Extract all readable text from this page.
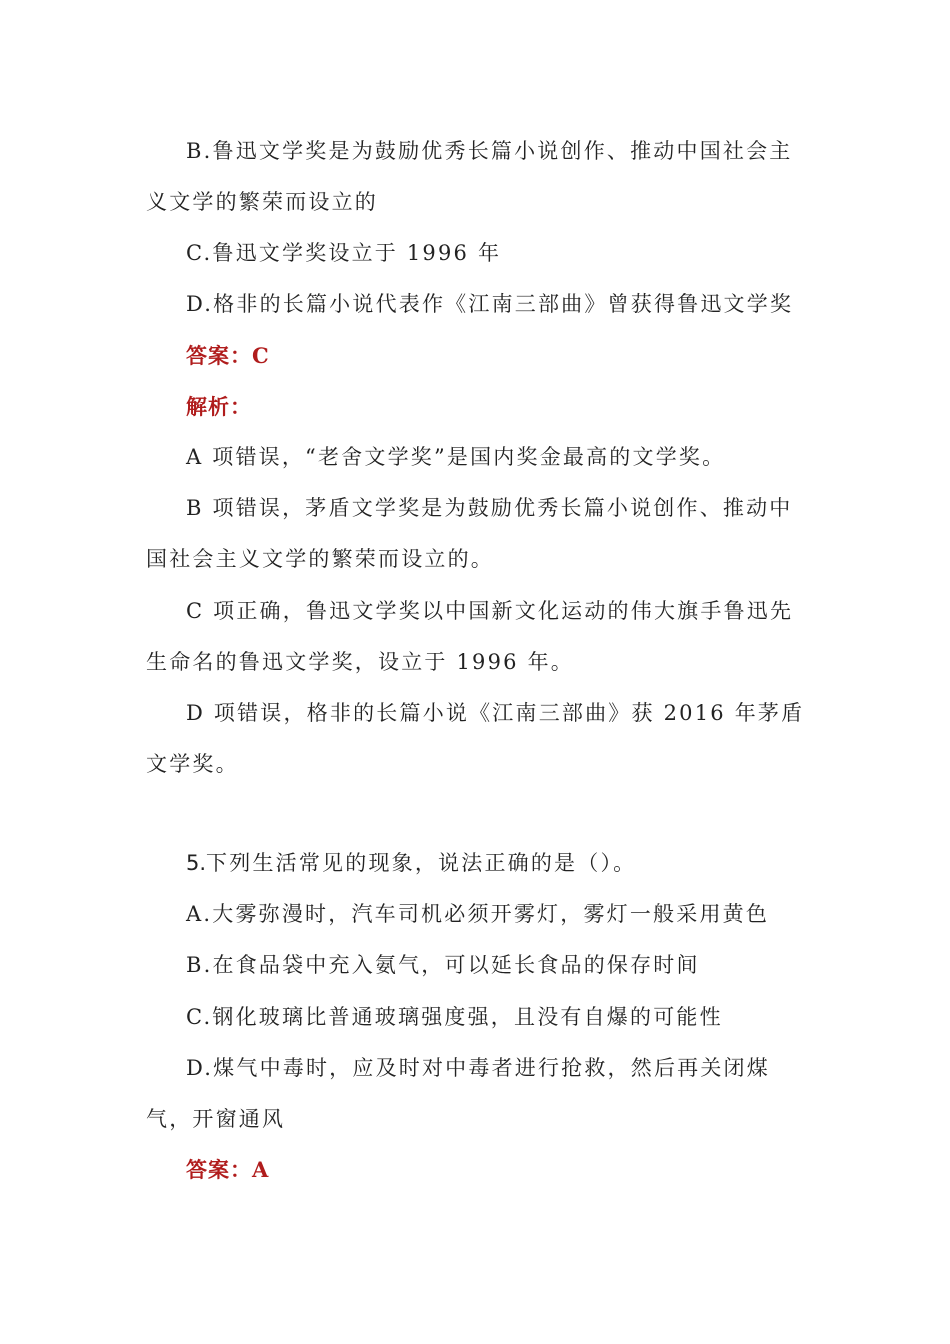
B.鲁迅文学奖是为鼓励优秀长篇小说创作、推动中国社会主义文学的繁荣而设立的

C.鲁迅文学奖设立于 1996 年

D.格非的长篇小说代表作《江南三部曲》曾获得鲁迅文学奖

答案：C

解析：

A 项错误，“老舍文学奖”是国内奖金最高的文学奖。

B 项错误，茅盾文学奖是为鼓励优秀长篇小说创作、推动中国社会主义文学的繁荣而设立的。

C 项正确，鲁迅文学奖以中国新文化运动的伟大旗手鲁迅先生命名的鲁迅文学奖，设立于 1996 年。

D 项错误，格非的长篇小说《江南三部曲》获 2016 年茅盾文学奖。

5.下列生活常见的现象，说法正确的是（）。

A.大雾弥漫时，汽车司机必须开雾灯，雾灯一般采用黄色

B.在食品袋中充入氨气，可以延长食品的保存时间

C.钢化玻璃比普通玻璃强度强，且没有自爆的可能性

D.煤气中毒时，应及时对中毒者进行抢救，然后再关闭煤气，开窗通风

答案：A
